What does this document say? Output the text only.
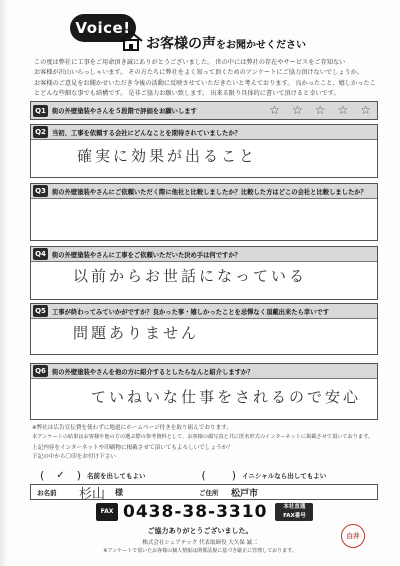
Voice!
お客様の声をお聞かせください

この度は弊社に工事をご用命頂き誠にありがとうございました。 世の中には弊社の存在やサービスをご存知ない

お客様が沢山いらっしゃいます。 その方たちに弊社をよく知って頂くためのアンケートにご協力頂けないでしょうか。

お客様のご意見をお聞かせいただき今後の活動に反映させていただきたいと考えております。 良かったこと、嬉しかったこ

とどんな些細な事でも結構です。 是非ご協力お願い致します。 出来る限り具体的に書いて頂けると幸いです。

Q1 街の外壁塗装やさんを５段階で評価をお願いします	☆ ☆ ☆ ☆ ☆
Q2 当初、工事を依頼する会社にどんなことを期待されていましたか？
確実に効果が出ること
Q3 街の外壁塗装やさんにご依頼いただく際に他社と比較しましたか？比較した方はどこの会社と比較しましたか？
Q4 街の外壁塗装やさんに工事をご依頼いただいた決め手は何ですか？
以前からお世話になっている
Q5 工事が終わってみていかがですか？良かった事・嬉しかったことを忌憚なく頂戴出来たら幸いです
問題ありません
Q6 街の外壁塗装やさんを他の方に紹介するとしたらなんと紹介しますか？
ていねいな仕事をされるので安心
※弊社は広告宣伝費を使わずに地道にホームページ付きを取り組んでおります。
本アンケートの結果はお客様や他の方の選ぶ際の参考資料として、お客様の顔写真と共に匿名形式のインターネットに掲載させて頂いております。
上記内容をインターネットや印刷物に掲載させて頂いてもよろしいでしょうか？
下記の中から〇印をお付け下さい
( ✓ ) 名前を出してもよい	( ) イニシャルなら出してもよい
お名前 杉山 様	ご住所 松戸市
FAX 0438-38-3310	本社直通
FAX番号
ご協力ありがとうございました。
株式会社シェアテック 代表取締役 大久保 誠二
※アンケートで頂いたお客様の個人情報は関係法規に基づき厳正に管理しております。
白井
